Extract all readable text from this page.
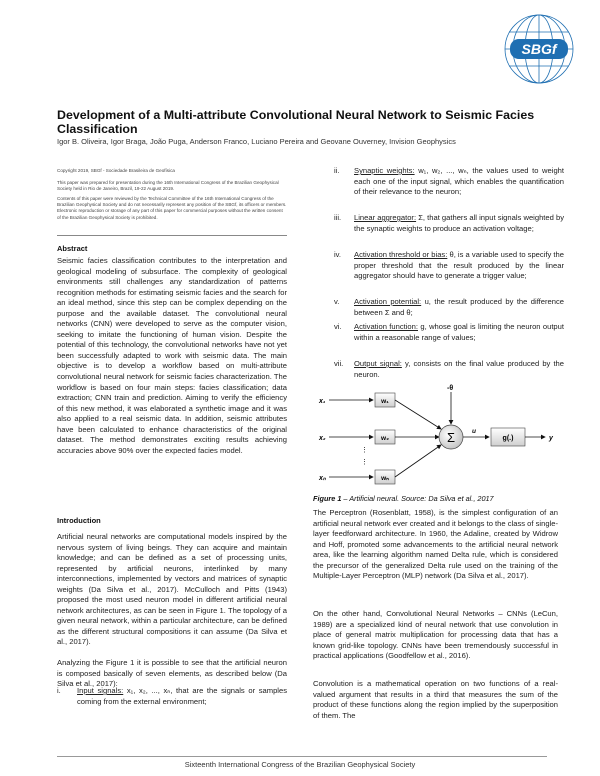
SBGf
Development of a Multi-attribute Convolutional Neural Network to Seismic Facies Classification
Igor B. Oliveira, Igor Braga, João Puga, Anderson Franco, Luciano Pereira and Geovane Ouverney, Invision Geophysics
Copyright 2019, SBGf - Sociedade Brasileira de Geofísica
This paper was prepared for presentation during the 16th International Congress of the Brazilian Geophysical Society held in Rio de Janeiro, Brazil, 19-22 August 2019.
Contents of this paper were reviewed by the Technical Committee of the 16th International Congress of the Brazilian Geophysical Society and do not necessarily represent any position of the SBGf, its officers or members. Electronic reproduction or storage of any part of this paper for commercial purposes without the written consent of the Brazilian Geophysical Society is prohibited.
Abstract
Seismic facies classification contributes to the interpretation and geological modeling of subsurface. The complexity of geological environments still challenges any standardization of patterns recognition methods for estimating seismic facies and the search for an ideal method, since this step can be complex depending on the purpose and the available dataset. The convolutional neural networks (CNN) were developed to serve as the computer vision, seeking to imitate the functioning of human vision. Despite the potential of this technology, the convolutional networks have not yet been successfully adapted to work with seismic data. The main objective is to develop a workflow based on multi-attribute convolutional neural network for seismic facies characterization. The workflow is based on four main steps: facies classification; data extraction; CNN train and prediction. Aiming to verify the efficiency of this new method, it was elaborated a synthetic image and it was also applied to a real seismic data. In addition, seismic attributes have been calculated to enhance characteristics of the original dataset. The method demonstrates exciting results achieving accuracies above 90% over the expected facies model.
Introduction
Artificial neural networks are computational models inspired by the nervous system of living beings. They can acquire and maintain knowledge; and can be defined as a set of processing units, represented by artificial neurons, interlinked by many interconnections, implemented by vectors and matrices of synaptic weights (Da Silva et al., 2017). McCulloch and Pitts (1943) proposed the most used neuron model in different artificial neural network architectures, as can be seen in Figure 1. The topology of a given neural network, within a particular architecture, can be defined as the different structural compositions it can assume (Da Silva et al., 2017).
Analyzing the Figure 1 it is possible to see that the artificial neuron is composed basically of seven elements, as described below (Da Silva et al., 2017):
i.	Input signals: x₁, x₂, ..., xₙ, that are the signals or samples coming from the external environment;
ii.	Synaptic weights: w₁, w₂, ..., wₙ, the values used to weight each one of the input signal, which enables the quantification of their relevance to the neuron;
iii.	Linear aggregator: Σ, that gathers all input signals weighted by the synaptic weights to produce an activation voltage;
iv.	Activation threshold or bias: θ, is a variable used to specify the proper threshold that the result produced by the linear aggregator should have to generate a trigger value;
v.	Activation potential: u, the result produced by the difference between Σ and θ;
vi.	Activation function: g, whose goal is limiting the neuron output within a reasonable range of values;
vii.	Output signal: y, consists on the final value produced by the neuron.
x₁
x₂
xₙ
⋮
⋮
w₁
w₂
wₙ
-θ
Σ	u
g(.)	y
Figure 1 – Artificial neural. Source: Da Silva et al., 2017
The Perceptron (Rosenblatt, 1958), is the simplest configuration of an artificial neural network ever created and it belongs to the class of single-layer feedforward architecture. In 1960, the Adaline, created by Widrow and Hoff, promoted some advancements to the artificial neural network area, like the learning algorithm named Delta rule, which is considered the precursor of the generalized Delta rule used on the training of the Multiple-Layer Perceptron (MLP) network (Da Silva et al., 2017).
On the other hand, Convolutional Neural Networks – CNNs (LeCun, 1989) are a specialized kind of neural network that use convolution in place of general matrix multiplication for processing data that has a known grid-like topology. CNNs have been tremendously successful in practical applications (Goodfellow et al., 2016).
Convolution is a mathematical operation on two functions of a real-valued argument that results in a third that measures the sum of the product of these functions along the region implied by the superposition of them. The
Sixteenth International Congress of the Brazilian Geophysical Society
